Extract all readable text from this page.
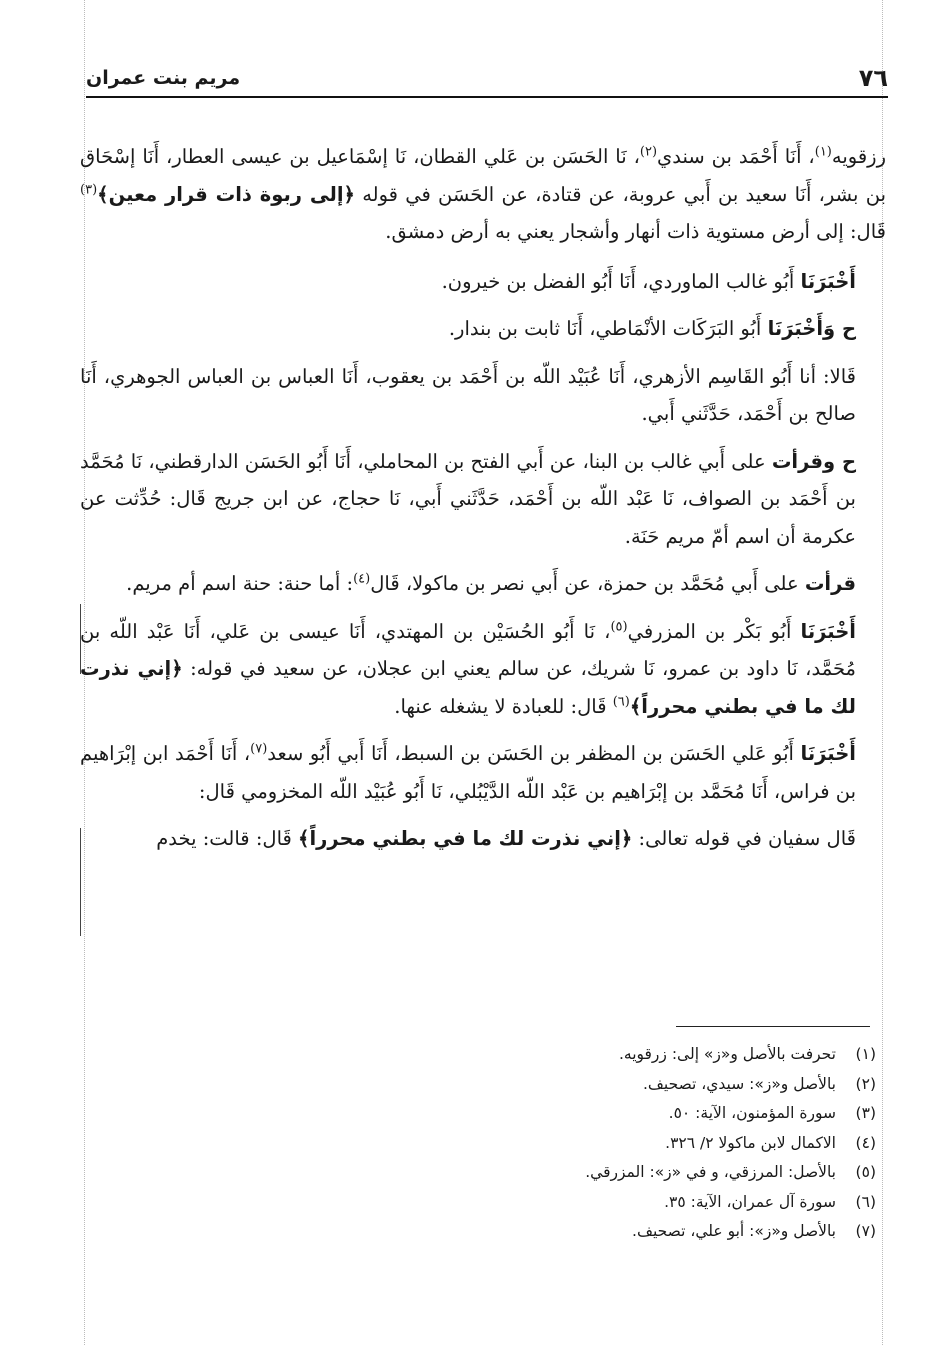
٧٦
مريم بنت عمران

رزقويه$^{(١)}$، أَنَا أَحْمَد بن سندي$^{(٢)}$، نَا الحَسَن بن عَلي القطان، نَا إسْمَاعيل بن عيسى العطار، أَنَا إسْحَاق بن بشر، أَنَا سعيد بن أَبي عروبة، عن قتادة، عن الحَسَن في قوله ﴿إلى ربوة ذات قرار معين﴾$^{(٣)}$ قَال: إلى أرض مستوية ذات أنهار وأشجار يعني به أرض دمشق.

أَخْبَرَنَا أَبُو غالب الماوردي، أَنَا أَبُو الفضل بن خيرون.

ح وَأَخْبَرَنَا أَبُو البَرَكَات الأنْمَاطي، أَنَا ثابت بن بندار.

قَالا: أنا أَبُو القَاسِم الأزهري، أَنَا عُبَيْد اللّه بن أَحْمَد بن يعقوب، أَنَا العباس بن العباس الجوهري، أَنَا صالح بن أَحْمَد، حَدَّثَني أَبي.

ح وقرأت على أَبي غالب بن البنا، عن أَبي الفتح بن المحاملي، أَنَا أَبُو الحَسَن الدارقطني، نَا مُحَمَّد بن أَحْمَد بن الصواف، نَا عَبْد اللّه بن أَحْمَد، حَدَّثَني أَبي، نَا حجاج، عن ابن جريج قَال: حُدِّثت عن عكرمة أن اسم أمّ مريم حَنَة.

قرأت على أَبي مُحَمَّد بن حمزة، عن أَبي نصر بن ماكولا، قَال$^{(٤)}$: أما حنة: حنة اسم أم مريم.

أَخْبَرَنَا أَبُو بَكْر بن المزرفي$^{(٥)}$، نَا أَبُو الحُسَيْن بن المهتدي، أَنَا عيسى بن عَلي، أَنَا عَبْد اللّه بن مُحَمَّد، نَا داود بن عمرو، نَا شريك، عن سالم يعني ابن عجلان، عن سعيد في قوله: ﴿إني نذرت لك ما في بطني محرراً﴾$^{(٦)}$ قَال: للعبادة لا يشغله عنها.

أَخْبَرَنَا أَبُو عَلي الحَسَن بن المظفر بن الحَسَن بن السبط، أَنَا أَبي أَبُو سعد$^{(٧)}$، أَنَا أَحْمَد ابن إبْرَاهيم بن فراس، أَنَا مُحَمَّد بن إبْرَاهيم بن عَبْد اللّه الدَّيْبُلي، نَا أَبُو عُبَيْد اللّه المخزومي قَال:

قَال سفيان في قوله تعالى: ﴿إني نذرت لك ما في بطني محرراً﴾ قَال: قالت: يخدم

(١)
تحرفت بالأصل و«ز» إلى: زرقويه.
(٢)
بالأصل و«ز»: سيدي، تصحيف.
(٣)
سورة المؤمنون، الآية: ٥٠.
(٤)
الاكمال لابن ماكولا ٢/ ٣٢٦.
(٥)
بالأصل: المرزقي، و في «ز»: المزرقي.
(٦)
سورة آل عمران، الآية: ٣٥.
(٧)
بالأصل و«ز»: أبو علي، تصحيف.
